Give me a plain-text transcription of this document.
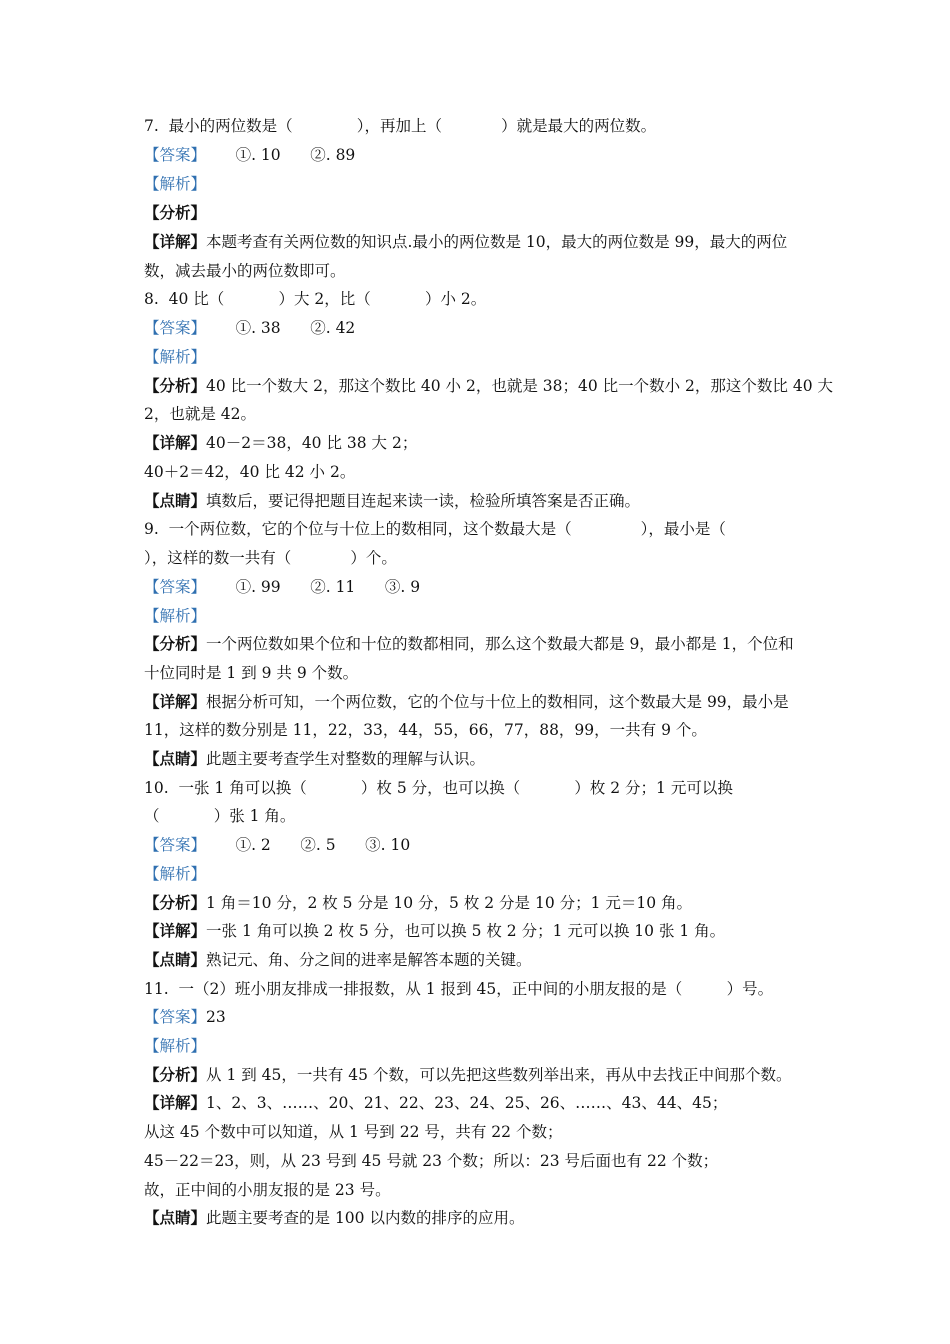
7.  最小的两位数是（             ），再加上（            ）就是最大的两位数。
【答案】      ①. 10      ②. 89
【解析】
【分析】
【详解】本题考查有关两位数的知识点.最小的两位数是 10，最大的两位数是 99，最大的两位
数，减去最小的两位数即可。
8.  40 比（           ）大 2，比（           ）小 2。
【答案】      ①. 38      ②. 42
【解析】
【分析】40 比一个数大 2，那这个数比 40 小 2，也就是 38；40 比一个数小 2，那这个数比 40 大
2，也就是 42。
【详解】40－2＝38，40 比 38 大 2；
40＋2＝42，40 比 42 小 2。
【点睛】填数后，要记得把题目连起来读一读，检验所填答案是否正确。
9.  一个两位数，它的个位与十位上的数相同，这个数最大是（              ），最小是（
），这样的数一共有（            ）个。
【答案】      ①. 99      ②. 11      ③. 9
【解析】
【分析】一个两位数如果个位和十位的数都相同，那么这个数最大都是 9，最小都是 1，个位和
十位同时是 1 到 9 共 9 个数。
【详解】根据分析可知，一个两位数，它的个位与十位上的数相同，这个数最大是 99，最小是
11，这样的数分别是 11，22，33，44，55，66，77，88，99，一共有 9 个。
【点睛】此题主要考查学生对整数的理解与认识。
10.  一张 1 角可以换（           ）枚 5 分，也可以换（           ）枚 2 分；1 元可以换
（           ）张 1 角。
【答案】      ①. 2      ②. 5      ③. 10
【解析】
【分析】1 角＝10 分，2 枚 5 分是 10 分，5 枚 2 分是 10 分；1 元＝10 角。
【详解】一张 1 角可以换 2 枚 5 分，也可以换 5 枚 2 分；1 元可以换 10 张 1 角。
【点睛】熟记元、角、分之间的进率是解答本题的关键。
11.  一（2）班小朋友排成一排报数，从 1 报到 45，正中间的小朋友报的是（         ）号。
【答案】23
【解析】
【分析】从 1 到 45，一共有 45 个数，可以先把这些数列举出来，再从中去找正中间那个数。
【详解】1、2、3、……、20、21、22、23、24、25、26、……、43、44、45；
从这 45 个数中可以知道，从 1 号到 22 号，共有 22 个数；
45－22＝23，则，从 23 号到 45 号就 23 个数；所以：23 号后面也有 22 个数；
故，正中间的小朋友报的是 23 号。
【点睛】此题主要考查的是 100 以内数的排序的应用。
